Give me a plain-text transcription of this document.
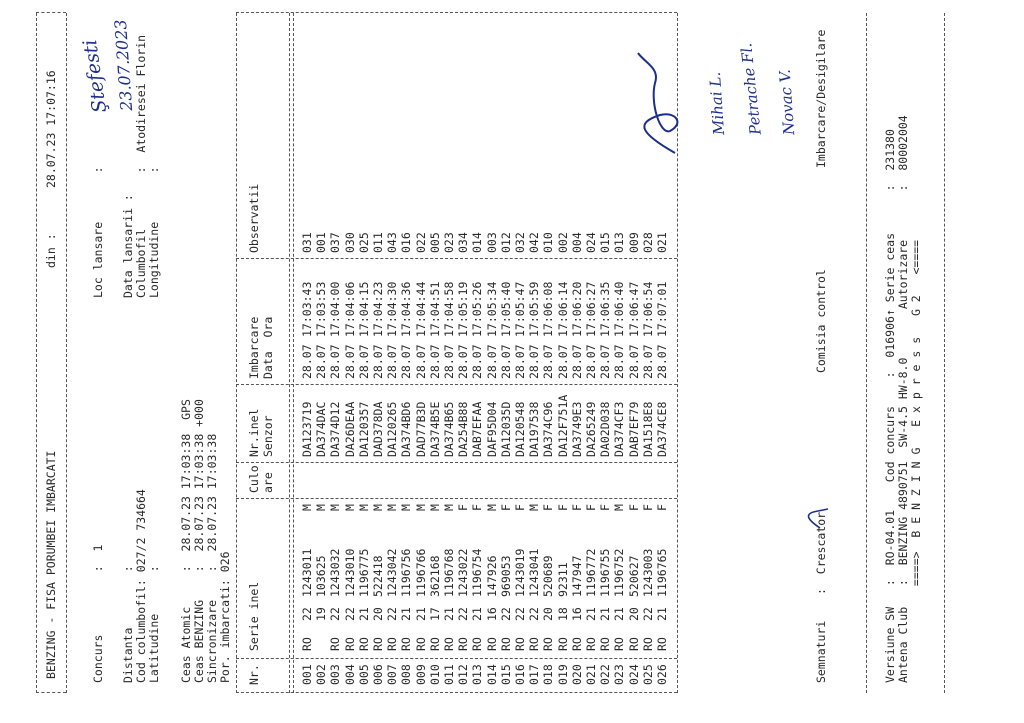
BENZING - FISA PORUMBEI IMBARCATI
din :
28.07.23 17:07:16
Concurs         :  1 Distanta        : Cod columbofil: 027/2 734664 Latitudine      : Ceas Atomic     :  28.07.23 17:03:38  GPS Ceas BENZING    :  28.07.23 17:03:38 +000 Sincronizare    :  28.07.23 17:03:38 Por. imbarcati: 026
Loc lansare       : Data lansarii : Columbofil        :  Atodiresei Florin Longitudine       :
Ştefesti 23.07.2023
Nr.
Serie inel
Culo are
Nr.inel Senzor
Imbarcare Data  Ora
Observatii
001
RO
22
1243011
M
DA123719
28.07
17:03:43
031
002
19
103625
M
DA374DAC
28.07
17:03:53
001
003
RO
22
1243032
M
DA374D12
28.07
17:04:00
037
004
RO
22
1243010
M
DA26DEAA
28.07
17:04:06
030
005
RO
21
1196775
M
DA120357
28.07
17:04:15
025
006
RO
20
522418
M
DAD378DA
28.07
17:04:23
011
007
RO
22
1243042
M
DA120265
28.07
17:04:30
043
008
RO
21
1196756
M
DA374BD6
28.07
17:04:36
016
009
RO
21
1196766
M
DAD77B3D
28.07
17:04:44
022
010
RO
17
362168
M
DA374B5E
28.07
17:04:51
005
011
RO
21
1196768
M
DA374B65
28.07
17:04:58
023
012
RO
22
1243022
F
DA254B88
28.07
17:05:19
034
013
RO
21
1196754
F
DAB7EFAA
28.07
17:05:26
014
014
RO
16
147926
M
DAF95D04
28.07
17:05:34
003
015
RO
22
969053
F
DA12035D
28.07
17:05:40
012
016
RO
22
1243019
F
DA120548
28.07
17:05:47
032
017
RO
22
1243041
M
DA197538
28.07
17:05:59
042
018
RO
20
520689
F
DA374C96
28.07
17:06:08
010
019
RO
18
92311
F
DA12F751A
28.07
17:06:14
002
020
RO
16
147947
F
DA3749E3
28.07
17:06:20
004
021
RO
21
1196772
F
DA265249
28.07
17:06:27
024
022
RO
21
1196755
F
DA02D038
28.07
17:06:35
015
023
RO
21
1196752
M
DA374CF3
28.07
17:06:40
013
024
RO
20
520627
F
DAB7EF79
28.07
17:06:47
009
025
RO
22
1243003
F
DA1518E8
28.07
17:06:54
028
026
RO
21
1196765
F
DA374CE8
28.07
17:07:01
021
Mihai L. Petrache Fl. Novac V.
Semnaturi
:  Crescator
Comisia control
Imbarcare/Desigilare
Versiune SW   :  RO-04.01    Cod concurs    :  016906↑ Serie ceas      :  231380 Antena Club   :  BENZING 4890751  SW-4.5 HW-8.0       Autorizare       :  80002004 ====>  B E N Z I N G   E x p r e s s   G 2   <====
